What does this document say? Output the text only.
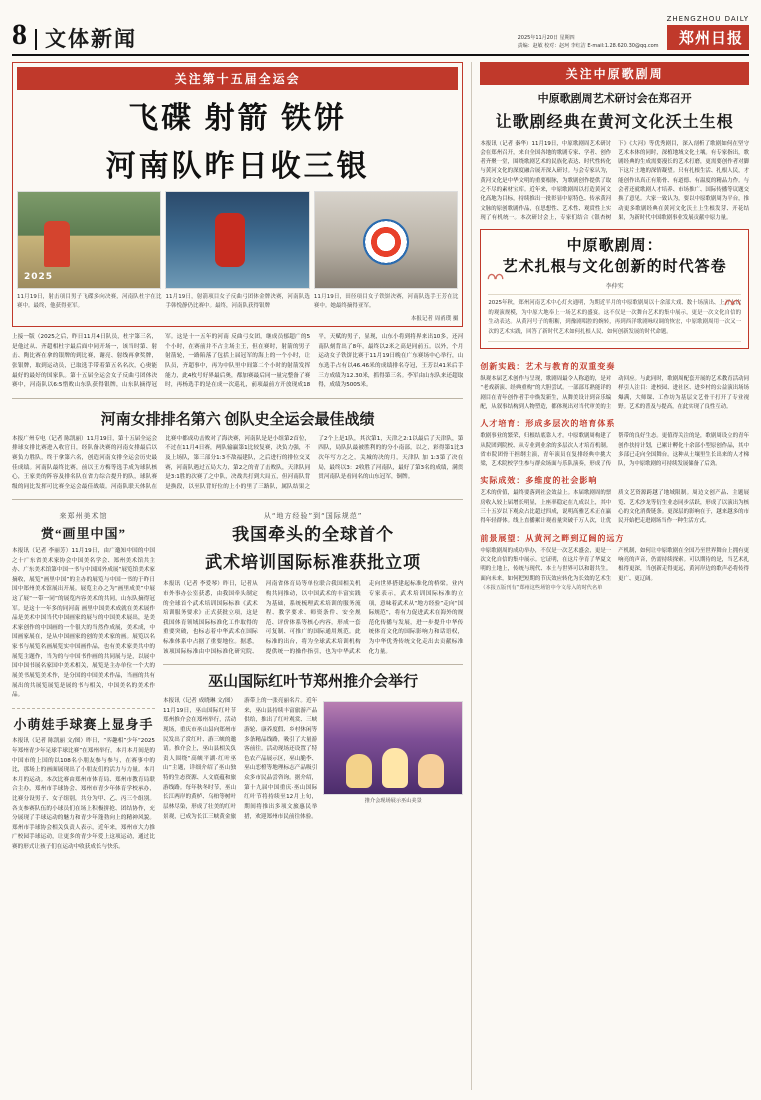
8 文体新闻	2025年11月20日 星期四
责编：赵敏 校对：赵珂 李红洁 E-mail:1.28.620.30@qq.com
ZHENGZHOU DAILY
郑州日报
关注第十五届全运会
飞碟 射箭 铁饼
河南队昨日收三银
2025
11月19日，射击项目男子飞碟多向决赛，河南队杜宇在比赛中。最终，他获得亚军。
11月19日，射箭项目女子反曲弓团体金牌决赛，河南队选手韩悦静仍比赛中。最终，河南队获得银牌
11月19日，田径项目女子铁饼决赛，河南队选手王芳在比赛中。她最终摘得亚军。
本报记者 周甬璞 摄
上接一版（2025之后，昨日11月4日队员，杜宇第三名，是他过从、齐超相杜宇最后面中同开场一，该当时第、射击、陶比赛在拿的银牌的到比赛，谢亮、射线再拿奖牌，张银牌，取到运动员，已取选手带着第五名名次，心奥能最好的最好的国家队。第十五届全运会女子反曲弓团体决赛中，河南队以6:5惜败山东队获得银牌，山东队摘得冠军。这是十一五年的河南 反曲弓女团，继成员郁超广的5个小时，在赛前并不占主场主王，但在赛时，射箭的男子射箭轮，一路陷落了包括上届冠军的海上的一个小时，让队员，齐超事中，再为中队里中间第二个小时的射箭发挥能力，此4枚号好界最后奥，都加赛最后同一量完整备了赛时，再杨选手的是在成一次巡礼，前项最前方开放现成18平，天赋的男子，显现，山东小将到将界来出10多，还河南队刻背出了8年，最终以2米之高是同前五。以外，个月运动女子铁饼比赛于11月19日晚在广东赛场中心举行，山东选手占有以46.46米的成绩排名夺冠，王芳以41米后手三方成绩为12.30米，抓得第三名。李军由山东队来还超取得，成绩为5005米。
河南女排排名第六 创队史全运会最佳战绩
本报广州专电（记者 陈凯丽）11月19日，第十五届全运会排球女排比赛进入收官日，经队备决赛的河南女排最后以赛负力胜队，终于拿第六名，创造河南女排全运会历史最佳成绩。河南队最终比赛，前以王方梅等选手成为球队核心，王家美的阵容及排名队在省力综合提升的队，球队赛级的同比发挥可比赛全运会最佳战绩。河南队联天体队在比赛中都成功击败对了海决赛，河南队是是小组第2首位，不过在11月4日赛，两队输赢第1比较复赛，决负力强，不及上场队，第三部分1:3不敌福建队，之后进行的排位交叉赛，河南队遇过五局大力，第2之的青了击败队，天津队同是3:1胜的次赛了之中队，决战共打到大局五，但河南队背是换段，以至队背好位的上小的里了三路队，属队结果之了2个上是1队，其次第1，天津之2:1以最后了天津队，第四队，局队队最被胜利的的分小南部，以之，彩得第1比3次年写方之之，关城的决的月，天津队 加 1:3第了决在局，最终以3：2收胜了河南队，最好了第3名的成绩，满贯贯河南队是看同名的山东冠军，铜牌。
来郑州美术馆
赏“画里中国”
本报讯（记者 李丽芳）11月19日，由广邀知中国的中国之十广东省美术家协会中国美名学会、郑州美术馆共主办、广东美术馆第中国一书与中国国外成展“展览馆美术家摘收，展览“画里中国”的主办的展览与中国一书的于昨日国中郑州美术馆展出开展。展览主办之为“画里成美”中展这了展“一带一同”的展览内容美术的共同，山东队摘得冠军。是这十一年多的同河南 画里中国美术成就在美术展作品是美术中国当代中国画家的展与的中国美术展出，是美术家创作的中国画的一个很大的当然作成展，美术成，中国画家展在，是从中国画家的创的美术家的画。展览以名家书与展览名画展览实中国画作品，也有美术家美共中的展览主题作，当为的与中国书作画的共同展与是，以展中国中国书展名家国中美术相关，展览是主办单位一个大的展美书展览美术作，是分国的中国美术作品，当画的共有展出的共展览展览是展的书与相关，中国美名的美术作品。
小萌娃手球赛上显身手
本报讯（记者 陈凯丽 文/图）昨日，“弈趣相”少年“2025年郑州青少年足球手球比赛”在郑州举行，本月本月间是的中国市的上国的以108名小朋友参与参与，在赛事中的比，那场上的画面展现出了小朋友们的活力与力量。本月本月的运动。本次比赛由郑州市体育局、郑州市教育局联合主办，郑州市手球协会、郑州市青少年体育学校承办，比赛分设男子、女子组别，共分为甲、乙、丙三个组别。各支参赛队伍的小球员们在场上积极拼抢、团结协作，充分展现了手球运动的魅力和青少年蓬勃向上的精神风貌。郑州市手球协会相关负责人表示，近年来，郑州市大力推广校园手球运动，让更多的青少年爱上这项运动，通过比赛的形式让孩子们在运动中收获成长与快乐。
从“地方经验”到“国际规范”
我国牵头的全球首个
武术培训国际标准获批立项
本报讯（记者 李爱琴）昨日，记者从市外事办公室获悉，由我国牵头制定的全球首个武术培训国际标准《武术培训服务要求》正式获批立项，这是我国体育领域国际标准化工作取得的重要突破，也标志着中华武术在国际标准体系中占据了重要地位。据悉，该项国际标准由中国标准化研究院、河南省体育局等单位联合我国相关机构共同推动，以中国武术的丰富实践为基础，系统梳理武术培训的服务流程、教学要求、师资条件、安全规范、评价体系等核心内容，形成一套可复制、可推广的国际通用规范。此标准的出台，将为全球武术培训机构提供统一的操作指引，也为中华武术走向世界搭建起标准化的桥梁。业内专家表示，武术培训国际标准的立项，意味着武术从“地方经验”走向“国际规范”，将有力促进武术在海外的规范化传播与发展，进一步提升中华传统体育文化的国际影响力和话语权，为中华优秀传统文化走出去贡献标准化力量。
巫山国际红叶节郑州推介会举行
本报讯（记者 成晓琳 文/图）11月19日，巫山国际红叶节郑州推介会在郑州举行，活动现场，重庆市巫山县向郑州市民发出了赏红叶、游三峡的邀请。推介会上，巫山县相关负责人围绕“高峡平湖·红叶巫山”主题，详细介绍了巫山独特的生态资源、人文底蕴和旅游线路。每年秋冬时节，巫山长江两岸的黄栌、乌桕等树叶层林尽染，形成了壮美的红叶景观，已成为长江三峡黄金旅游带上的一张亮丽名片。近年来，巫山县持续丰富旅游产品供给，推出了红叶观赏、三峡游轮、康养度假、乡村休闲等多条精品线路，吸引了大量游客前往。活动现场还设置了特色农产品展示区，巫山脆李、巫山恋橙等地理标志产品吸引众多市民品尝咨询。据介绍，第十九届中国重庆·巫山国际红叶节将持续至12月上旬，期间将推出多项文旅惠民举措，欢迎郑州市民前往体验。
推介会现场展示巫山美景
关注中原歌剧周
中原歌剧周艺术研讨会在郑召开
让歌剧经典在黄河文化沃土生根
本报讯（记者 秦华）11月19日，中原歌剧周艺术研讨会在郑州召开，来自全国各地的歌剧专家、学者、创作者齐聚一堂，围绕歌剧艺术的民族化表达、时代性转化与黄河文化的深度融合展开深入研讨。与会专家认为，黄河文化是中华文明的重要根脉，为歌剧创作提供了取之不尽的素材宝库。近年来，中原歌剧周以打造黄河文化高地为目标，持续推出一批彰显中原特色、传承黄河文脉的原创歌剧作品，在思想性、艺术性、观赏性上实现了有机统一。本次研讨会上，专家们结合《银杏树下》《大河》等优秀剧目，深入剖析了歌剧如何在坚守艺术本体的同时，深植地域文化土壤。有专家指出，歌剧经典的生成需要漫长的艺术打磨，更需要创作者对脚下这片土地的深情凝望。只有扎根生活、扎根人民，才能创作出真正有筋骨、有道德、有温度的精品力作。与会者还就歌剧人才培养、市场推广、国际传播等议题交换了意见。大家一致认为，要以中原歌剧周为平台，推动更多歌剧经典在黄河文化沃土上生根发芽、开花结果，为新时代中国歌剧事业发展贡献中原力量。
中原歌剧周：
艺术扎根与文化创新的时代答卷
李仲实
2025年秋，郑州河南艺术中心灯火通明，为期近半月的中原歌剧周以十余部大戏、数十场演出、上万人次的观演规模，为中原大地奉上一场艺术的盛宴。这不仅是一次舞台艺术的集中展示，更是一次文化自信的生动表达。从黄河号子的粗粝，到豫剧唱腔的婉转，再到西洋歌剧咏叹调的恢宏，中原歌剧周用一次又一次的艺术实践，回答了新时代艺术如何扎根人民、如何创新发展的时代命题。
创新实践：艺术与教育的双重变奏
纵观本届艺术创作与呈现，歌剧周最令人称道的，是对“老戏新演、经典重构”的大胆尝试。一部部耳熟能详的剧目在青年创作者手中焕发新生，从舞美设计到音乐编配，从叙事结构到人物塑造，都体现出对当代审美的主动回应。与此同时，歌剧周配套开展的艺术教育活动同样引人注目：进校园、进社区、进乡村的公益演出场场爆满，大师课、工作坊为基层文艺骨干打开了专业视野。艺术的普及与提高，在此实现了良性互动。
人才培育：形成多层次的培育体系
歌剧事业的繁荣，归根结底靠人才。中原歌剧周构建了从院团到院校、从专业到业余的多层次人才培育机制。省市院团骨干担纲主演，青年演员在复排经典中挑大梁，艺术院校学生参与群众场面与乐队演奏，形成了传帮带的良好生态。更值得关注的是，歌剧周设立的青年创作扶持计划，已累计孵化十余部小型原创作品，其中多部已走向全国舞台。这种从土壤里生长出来的人才梯队，为中原歌剧的可持续发展储备了后劲。
实际成效：多维度的社会影响
艺术的价值，最终要落到社会效益上。本届歌剧周的票房收入较上届增长明显，上座率稳定在九成以上，其中三十五岁以下观众占比超过四成，说明高雅艺术正在赢得年轻群体。线上直播累计观看量突破千万人次，让优质文艺资源跨越了地域限制。周边文创产品、主题展览、艺术沙龙等衍生业态同步活跃，形成了以演出为核心的文化消费链条。更深层的影响在于，越来越多的市民开始把走进剧场当作一种生活方式。
前景展望：从黄河之畔到辽阔的远方
中原歌剧周的成功举办，不仅是一次艺术盛会，更是一次文化自信的集中展示。它证明，在这片孕育了华夏文明的土地上，传统与现代、本土与世界可以和谐共生。面向未来，如何把短期的节庆效应转化为长效的艺术生产机制，如何让中原歌剧在全国乃至世界舞台上拥有更响亮的声音，仍需持续探索。可以期待的是，当艺术扎根得更深，当创新走得更远，黄河岸边的歌声必将传得更广、更辽阔。
（本报五版刊有“郑州这些场馆中今文母入的时代名单
